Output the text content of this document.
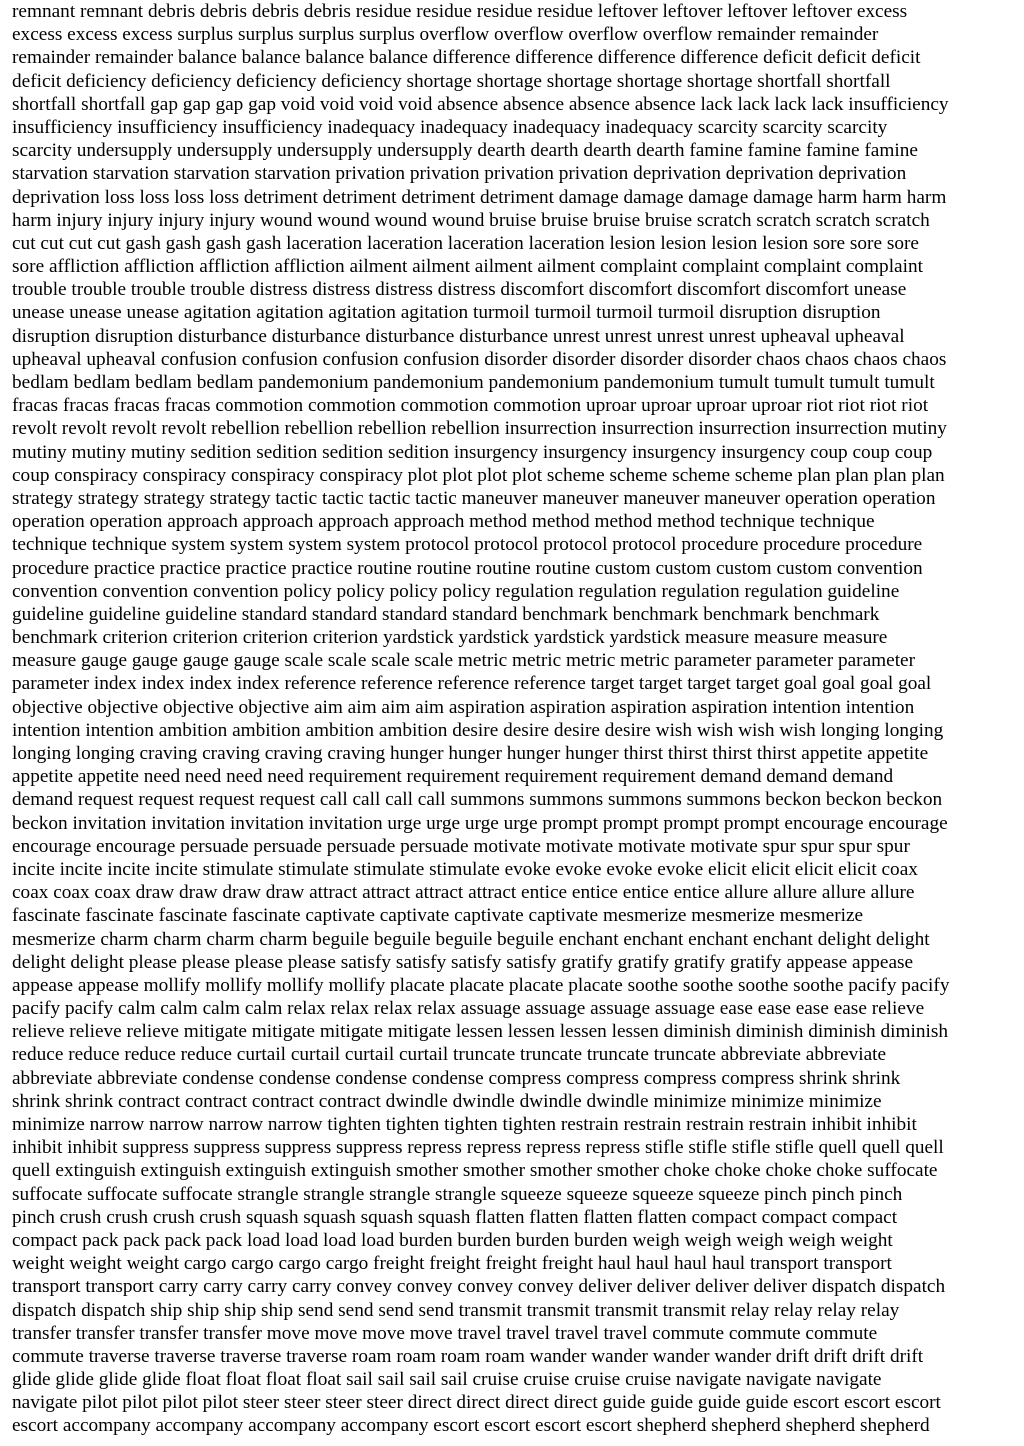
remnant remnant debris debris debris debris residue residue residue residue leftover leftover leftover leftover excess
excess excess excess surplus surplus surplus surplus overflow overflow overflow overflow remainder remainder
remainder remainder balance balance balance balance difference difference difference difference deficit deficit deficit
deficit deficiency deficiency deficiency deficiency shortage shortage shortage shortage shortage shortfall shortfall
shortfall shortfall gap gap gap gap void void void void absence absence absence absence lack lack lack lack insufficiency
insufficiency insufficiency insufficiency inadequacy inadequacy inadequacy inadequacy scarcity scarcity scarcity
scarcity undersupply undersupply undersupply undersupply dearth dearth dearth dearth famine famine famine famine
starvation starvation starvation starvation privation privation privation privation deprivation deprivation deprivation
deprivation loss loss loss loss detriment detriment detriment detriment damage damage damage damage harm harm harm
harm injury injury injury injury wound wound wound wound bruise bruise bruise bruise scratch scratch scratch scratch
cut cut cut cut gash gash gash gash laceration laceration laceration laceration lesion lesion lesion lesion sore sore sore
sore affliction affliction affliction affliction ailment ailment ailment ailment complaint complaint complaint complaint
trouble trouble trouble trouble distress distress distress distress discomfort discomfort discomfort discomfort unease
unease unease unease agitation agitation agitation agitation turmoil turmoil turmoil turmoil disruption disruption
disruption disruption disturbance disturbance disturbance disturbance unrest unrest unrest unrest upheaval upheaval
upheaval upheaval confusion confusion confusion confusion disorder disorder disorder disorder chaos chaos chaos chaos
bedlam bedlam bedlam bedlam pandemonium pandemonium pandemonium pandemonium tumult tumult tumult tumult
fracas fracas fracas fracas commotion commotion commotion commotion uproar uproar uproar uproar riot riot riot riot
revolt revolt revolt revolt rebellion rebellion rebellion rebellion insurrection insurrection insurrection insurrection mutiny
mutiny mutiny mutiny sedition sedition sedition sedition insurgency insurgency insurgency insurgency coup coup coup
coup conspiracy conspiracy conspiracy conspiracy plot plot plot plot scheme scheme scheme scheme plan plan plan plan
strategy strategy strategy strategy tactic tactic tactic tactic maneuver maneuver maneuver maneuver operation operation
operation operation approach approach approach approach method method method method technique technique
technique technique system system system system protocol protocol protocol protocol procedure procedure procedure
procedure practice practice practice practice routine routine routine routine custom custom custom custom convention
convention convention convention policy policy policy policy regulation regulation regulation regulation guideline
guideline guideline guideline standard standard standard standard benchmark benchmark benchmark benchmark
benchmark criterion criterion criterion criterion yardstick yardstick yardstick yardstick measure measure measure
measure gauge gauge gauge gauge scale scale scale scale metric metric metric metric parameter parameter parameter
parameter index index index index reference reference reference reference target target target target goal goal goal goal
objective objective objective objective aim aim aim aim aspiration aspiration aspiration aspiration intention intention
intention intention ambition ambition ambition ambition desire desire desire desire wish wish wish wish longing longing
longing longing craving craving craving craving hunger hunger hunger hunger thirst thirst thirst thirst appetite appetite
appetite appetite need need need need requirement requirement requirement requirement demand demand demand
demand request request request request call call call call summons summons summons summons beckon beckon beckon
beckon invitation invitation invitation invitation urge urge urge urge prompt prompt prompt prompt encourage encourage
encourage encourage persuade persuade persuade persuade motivate motivate motivate motivate spur spur spur spur
incite incite incite incite stimulate stimulate stimulate stimulate evoke evoke evoke evoke elicit elicit elicit elicit coax
coax coax coax draw draw draw draw attract attract attract attract entice entice entice entice allure allure allure allure
fascinate fascinate fascinate fascinate captivate captivate captivate captivate mesmerize mesmerize mesmerize
mesmerize charm charm charm charm beguile beguile beguile beguile enchant enchant enchant enchant delight delight
delight delight please please please please satisfy satisfy satisfy satisfy gratify gratify gratify gratify appease appease
appease appease mollify mollify mollify mollify placate placate placate placate soothe soothe soothe soothe pacify pacify
pacify pacify calm calm calm calm relax relax relax relax assuage assuage assuage assuage ease ease ease ease relieve
relieve relieve relieve mitigate mitigate mitigate mitigate lessen lessen lessen lessen diminish diminish diminish diminish
reduce reduce reduce reduce curtail curtail curtail curtail truncate truncate truncate truncate abbreviate abbreviate
abbreviate abbreviate condense condense condense condense compress compress compress compress shrink shrink
shrink shrink contract contract contract contract dwindle dwindle dwindle dwindle minimize minimize minimize
minimize narrow narrow narrow narrow tighten tighten tighten tighten restrain restrain restrain restrain inhibit inhibit
inhibit inhibit suppress suppress suppress suppress repress repress repress repress stifle stifle stifle stifle quell quell quell
quell extinguish extinguish extinguish extinguish smother smother smother smother choke choke choke choke suffocate
suffocate suffocate suffocate strangle strangle strangle strangle squeeze squeeze squeeze squeeze pinch pinch pinch
pinch crush crush crush crush squash squash squash squash flatten flatten flatten flatten compact compact compact
compact pack pack pack pack load load load load burden burden burden burden weigh weigh weigh weigh weight
weight weight weight cargo cargo cargo cargo freight freight freight freight haul haul haul haul transport transport
transport transport carry carry carry carry convey convey convey convey deliver deliver deliver deliver dispatch dispatch
dispatch dispatch ship ship ship ship send send send send transmit transmit transmit transmit relay relay relay relay
transfer transfer transfer transfer move move move move travel travel travel travel commute commute commute
commute traverse traverse traverse traverse roam roam roam roam wander wander wander wander drift drift drift drift
glide glide glide glide float float float float sail sail sail sail cruise cruise cruise cruise navigate navigate navigate
navigate pilot pilot pilot pilot steer steer steer steer direct direct direct direct guide guide guide guide escort escort escort
escort accompany accompany accompany accompany escort escort escort escort shepherd shepherd shepherd shepherd
